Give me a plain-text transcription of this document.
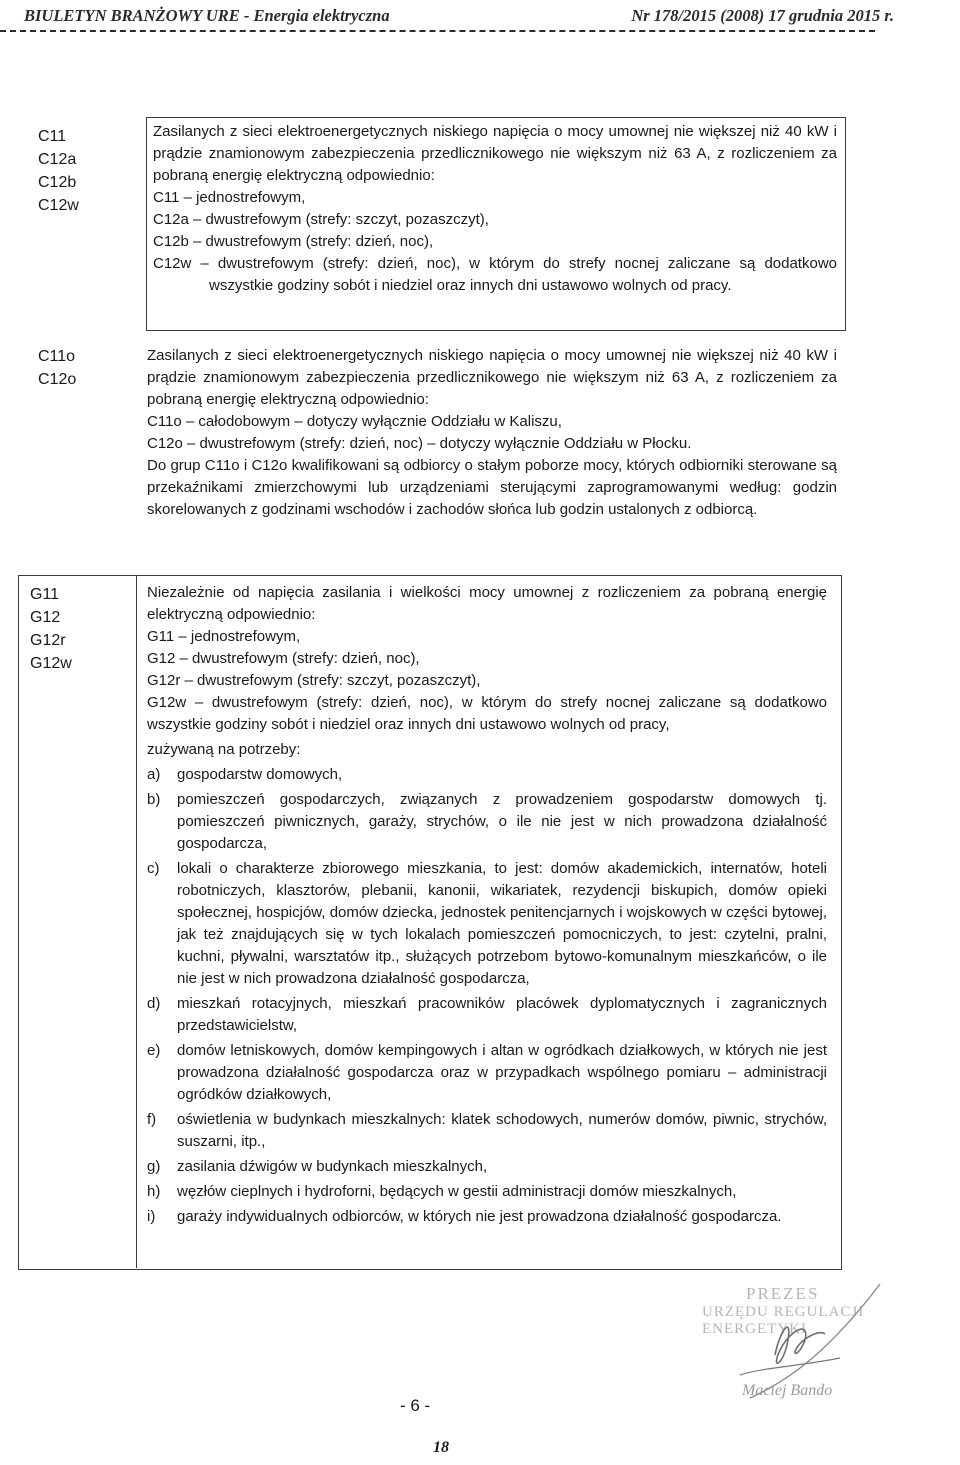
BIULETYN BRANŻOWY URE - Energia elektryczna	Nr 178/2015 (2008) 17 grudnia 2015 r.
C11
C12a
C12b
C12w

Zasilanych z sieci elektroenergetycznych niskiego napięcia o mocy umownej nie większej niż 40 kW i prądzie znamionowym zabezpieczenia przedlicznikowego nie większym niż 63 A, z rozliczeniem za pobraną energię elektryczną odpowiednio:

C11 – jednostrefowym,

C12a – dwustrefowym (strefy: szczyt, pozaszczyt),

C12b – dwustrefowym (strefy: dzień, noc),

C12w – dwustrefowym (strefy: dzień, noc), w którym do strefy nocnej zaliczane są dodatkowo wszystkie godziny sobót i niedziel oraz innych dni ustawowo wolnych od pracy.

C11o
C12o

Zasilanych z sieci elektroenergetycznych niskiego napięcia o mocy umownej nie większej niż 40 kW i prądzie znamionowym zabezpieczenia przedlicznikowego nie większym niż 63 A, z rozliczeniem za pobraną energię elektryczną odpowiednio:

C11o – całodobowym – dotyczy wyłącznie Oddziału w Kaliszu,

C12o – dwustrefowym (strefy: dzień, noc) – dotyczy wyłącznie Oddziału w Płocku.

Do grup C11o i C12o kwalifikowani są odbiorcy o stałym poborze mocy, których odbiorniki sterowane są przekaźnikami zmierzchowymi lub urządzeniami sterującymi zaprogramowanymi według: godzin skorelowanych z godzinami wschodów i zachodów słońca lub godzin ustalonych z odbiorcą.

G11
G12
G12r
G12w

Niezależnie od napięcia zasilania i wielkości mocy umownej z rozliczeniem za pobraną energię elektryczną odpowiednio:

G11 – jednostrefowym,

G12 – dwustrefowym (strefy: dzień, noc),

G12r – dwustrefowym (strefy: szczyt, pozaszczyt),

G12w – dwustrefowym (strefy: dzień, noc), w którym do strefy nocnej zaliczane są dodatkowo wszystkie godziny sobót i niedziel oraz innych dni ustawowo wolnych od pracy,

zużywaną na potrzeby:

a) gospodarstw domowych,

b) pomieszczeń gospodarczych, związanych z prowadzeniem gospodarstw domowych tj. pomieszczeń piwnicznych, garaży, strychów, o ile nie jest w nich prowadzona działalność gospodarcza,

c) lokali o charakterze zbiorowego mieszkania, to jest: domów akademickich, internatów, hoteli robotniczych, klasztorów, plebanii, kanonii, wikariatek, rezydencji biskupich, domów opieki społecznej, hospicjów, domów dziecka, jednostek penitencjarnych i wojskowych w części bytowej, jak też znajdujących się w tych lokalach pomieszczeń pomocniczych, to jest: czytelni, pralni, kuchni, pływalni, warsztatów itp., służących potrzebom bytowo-komunalnym mieszkańców, o ile nie jest w nich prowadzona działalność gospodarcza,

d) mieszkań rotacyjnych, mieszkań pracowników placówek dyplomatycznych i zagranicznych przedstawicielstw,

e) domów letniskowych, domów kempingowych i altan w ogródkach działkowych, w których nie jest prowadzona działalność gospodarcza oraz w przypadkach wspólnego pomiaru – administracji ogródków działkowych,

f) oświetlenia w budynkach mieszkalnych: klatek schodowych, numerów domów, piwnic, strychów, suszarni, itp.,

g) zasilania dźwigów w budynkach mieszkalnych,

h) węzłów cieplnych i hydroforni, będących w gestii administracji domów mieszkalnych,

i) garaży indywidualnych odbiorców, w których nie jest prowadzona działalność gospodarcza.

PREZES
URZĘDU REGULACJI ENERGETYKI
Maciej Bando
- 6 -
18
